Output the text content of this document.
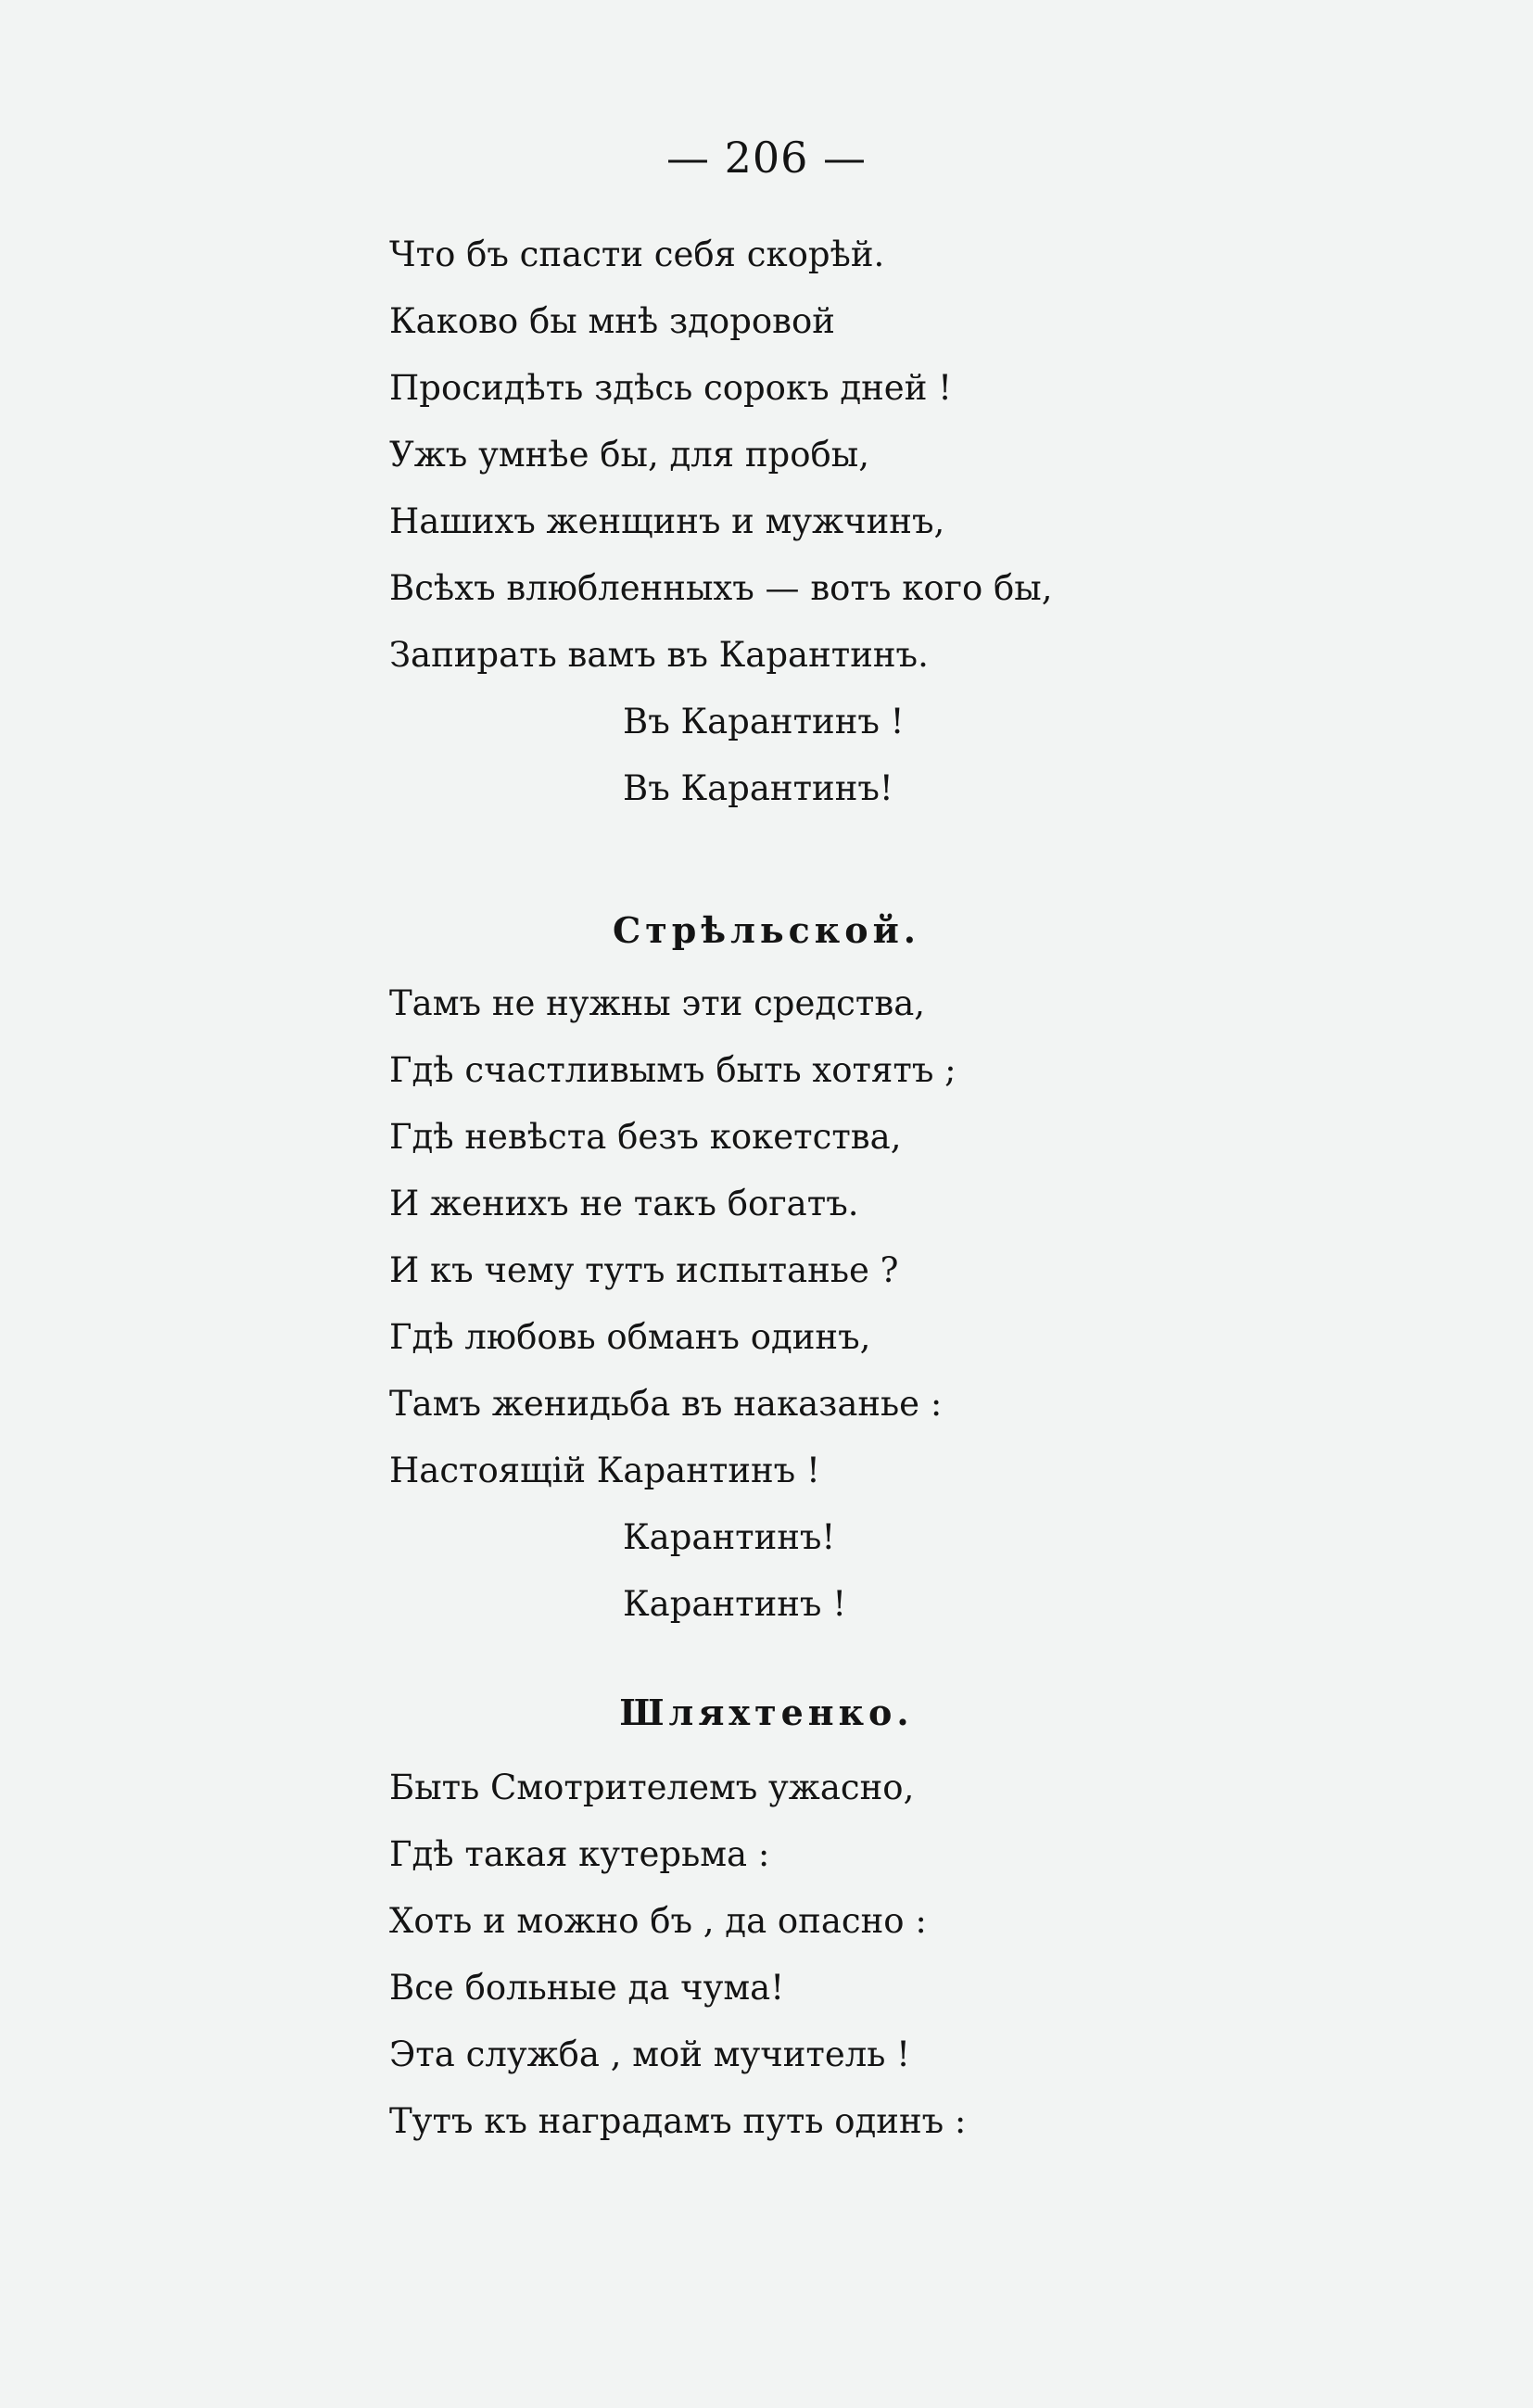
— 206 —
Что бъ спасти себя скорѣй.
Каково бы мнѣ здоровой
Просидѣть здѣсь сорокъ дней !
Ужъ умнѣе бы, для пробы,
Нашихъ женщинъ и мужчинъ,
Всѣхъ влюбленныхъ — вотъ кого бы,
Запирать вамъ въ Карантинъ.
Въ Карантинъ !
Въ Карантинъ!
Стрѣльской.
Тамъ не нужны эти средства,
Гдѣ счастливымъ быть хотятъ ;
Гдѣ невѣста безъ кокетства,
И женихъ не такъ богатъ.
И къ чему тутъ испытанье ?
Гдѣ любовь обманъ одинъ,
Тамъ женидьба въ наказанье :
Настоящій Карантинъ !
Карантинъ!
Карантинъ !
Шляхтенко.
Быть Смотрителемъ ужасно,
Гдѣ такая кутерьма :
Хоть и можно бъ , да опасно :
Все больные да чума!
Эта служба , мой мучитель !
Тутъ къ наградамъ путь одинъ :
